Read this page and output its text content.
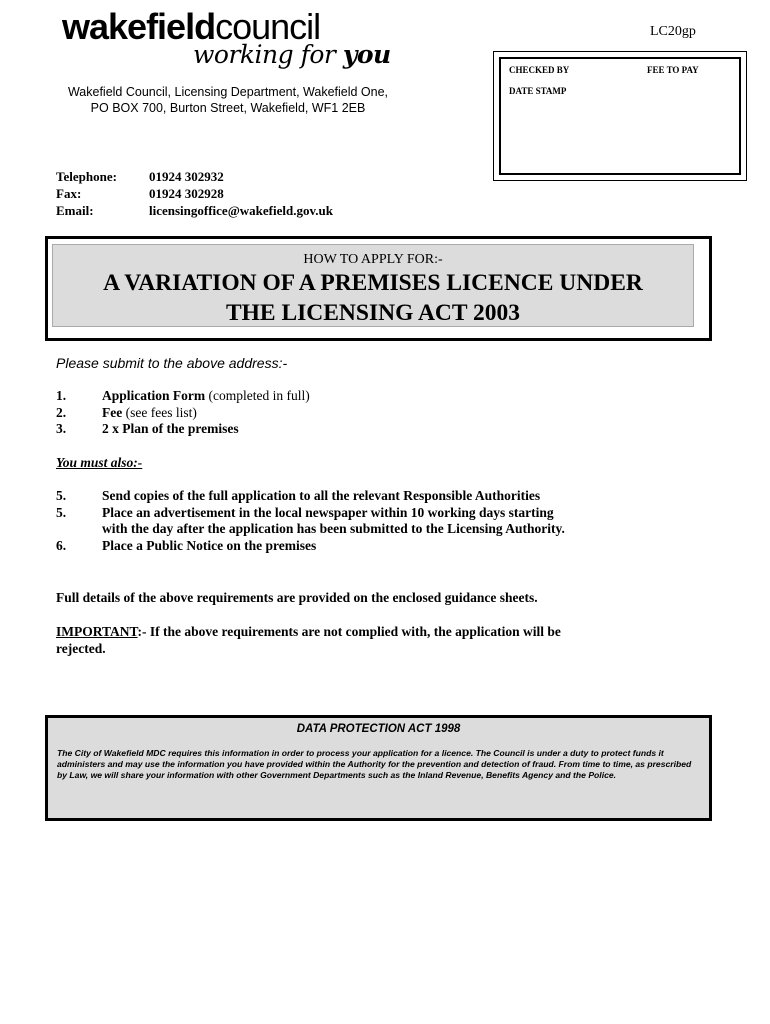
wakefieldcouncil
working for you
Wakefield Council, Licensing Department, Wakefield One, PO BOX 700, Burton Street, Wakefield, WF1 2EB
LC20gp
CHECKED BY	FEE TO PAY
DATE STAMP
Telephone:	01924 302932
Fax:	01924 302928
Email:	licensingoffice@wakefield.gov.uk
HOW TO APPLY FOR:-
A VARIATION OF A PREMISES LICENCE UNDER
THE LICENSING ACT 2003
Please submit to the above address:-
1.	Application Form (completed in full)
2.	Fee (see fees list)
3.	2 x Plan of the premises
You must also:-
5.	Send copies of the full application to all the relevant Responsible Authorities
5.	Place an advertisement in the local newspaper within 10 working days starting with the day after the application has been submitted to the Licensing Authority.
6.	Place a Public Notice on the premises
Full details of the above requirements are provided on the enclosed guidance sheets.
IMPORTANT:- If the above requirements are not complied with, the application will be rejected.
DATA PROTECTION ACT 1998
The City of Wakefield MDC requires this information in order to process your application for a licence. The Council is under a duty to protect funds it administers and may use the information you have provided within the Authority for the prevention and detection of fraud. From time to time, as prescribed by Law, we will share your information with other Government Departments such as the Inland Revenue, Benefits Agency and the Police.
